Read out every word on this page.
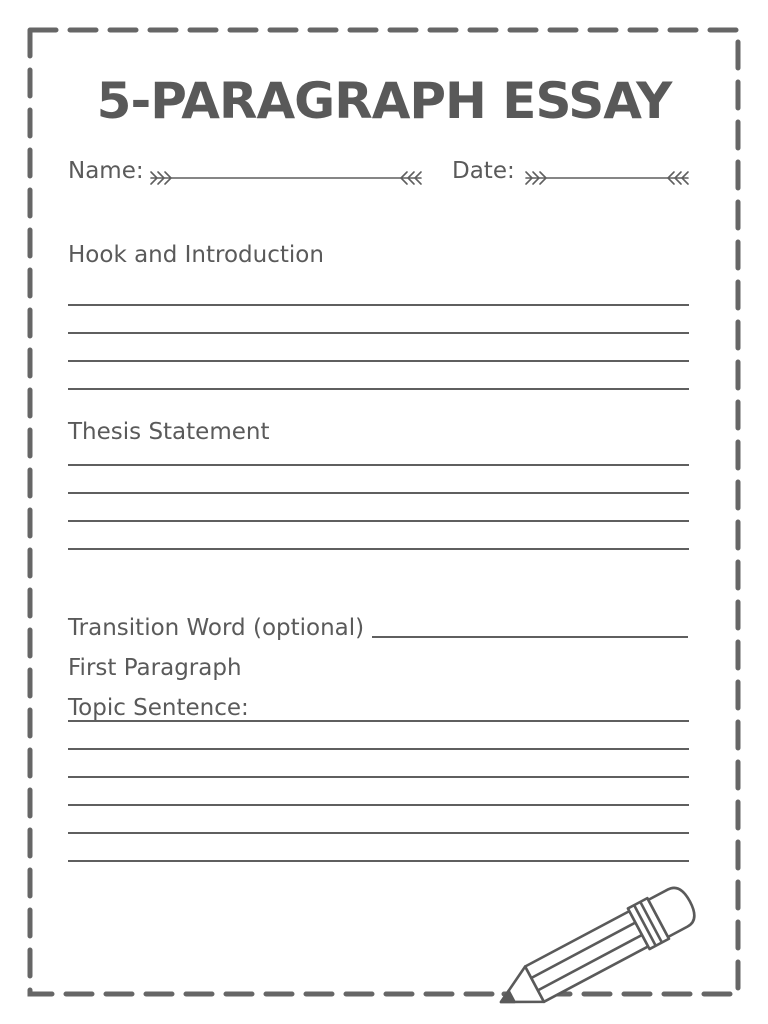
5-PARAGRAPH ESSAY
Name:	Date:
Hook and Introduction
Thesis Statement
Transition Word (optional)
First Paragraph
Topic Sentence:
